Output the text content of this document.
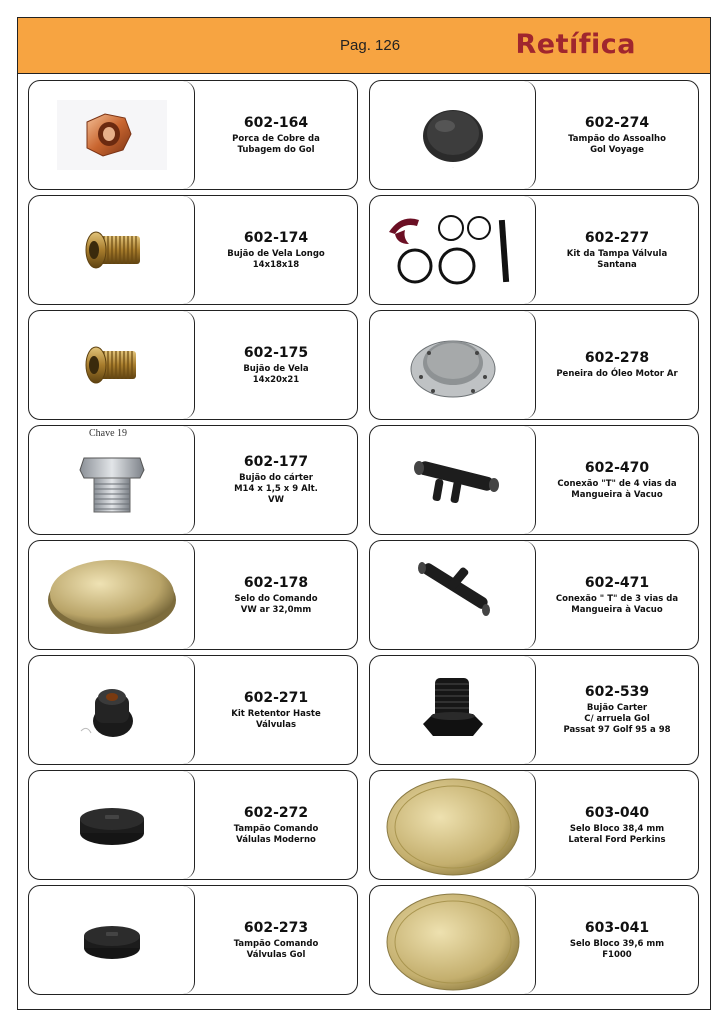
Pag. 126	Retífica
602-164
Porca de Cobre da
Tubagem do Gol
.
602-274
Tampão do Assoalho
Gol Voyage
602-174
Bujão de Vela Longo
14x18x18
602-277
Kit da Tampa Válvula
Santana
602-175
Bujão de Vela
14x20x21
602-278
Peneira do Óleo Motor Ar
Chave 19
602-177
Bujão do cárter
M14 x 1,5 x 9 Alt.
VW
602-470
Conexão "T" de 4 vias da
Mangueira à Vacuo
602-178
Selo do Comando
VW ar 32,0mm
602-471
Conexão " T" de 3 vias da
Mangueira à Vacuo
602-271
Kit Retentor Haste
Válvulas
602-539
Bujão Carter
C/ arruela Gol
Passat 97 Golf 95 a 98
602-272
Tampão Comando
Válulas Moderno
603-040
Selo Bloco 38,4 mm
Lateral Ford Perkins
602-273
Tampão Comando
Válvulas Gol
603-041
Selo Bloco 39,6 mm
F1000
